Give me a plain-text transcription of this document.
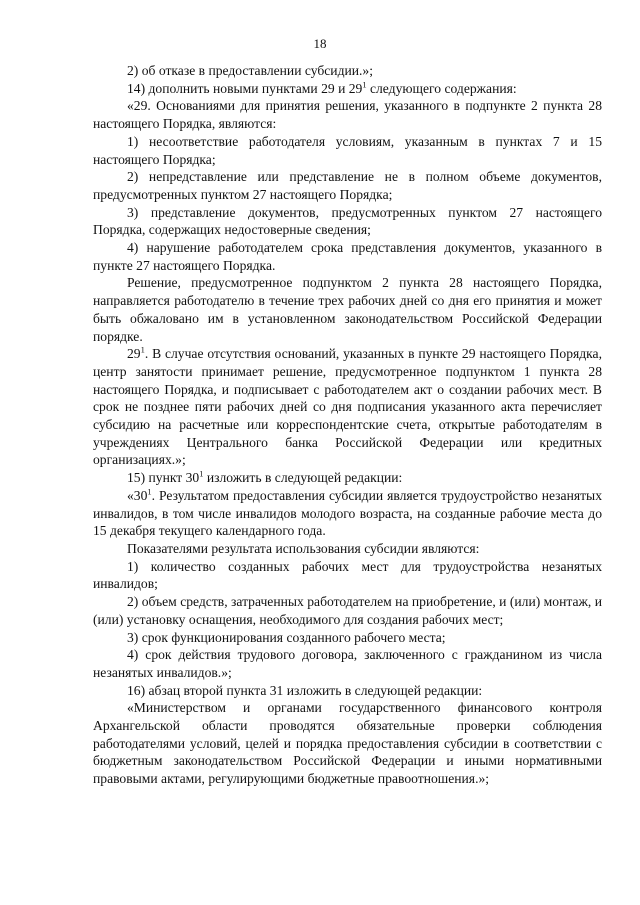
18

2) об отказе в предоставлении субсидии.»;

14) дополнить новыми пунктами 29 и $29^1$ следующего содержания:

«29. Основаниями для принятия решения, указанного в подпункте 2 пункта 28 настоящего Порядка, являются:

1) несоответствие работодателя условиям, указанным в пунктах 7 и 15 настоящего Порядка;

2) непредставление или представление не в полном объеме документов, предусмотренных пунктом 27 настоящего Порядка;

3) представление документов, предусмотренных пунктом 27 настоящего Порядка, содержащих недостоверные сведения;

4) нарушение работодателем срока представления документов, указанного в пункте 27 настоящего Порядка.

Решение, предусмотренное подпунктом 2 пункта 28 настоящего Порядка, направляется работодателю в течение трех рабочих дней со дня его принятия и может быть обжаловано им в установленном законодательством Российской Федерации порядке.

$29^1$. В случае отсутствия оснований, указанных в пункте 29 настоящего Порядка, центр занятости принимает решение, предусмотренное подпунктом 1 пункта 28 настоящего Порядка, и подписывает с работодателем акт о создании рабочих мест. В срок не позднее пяти рабочих дней со дня подписания указанного акта перечисляет субсидию на расчетные или корреспондентские счета, открытые работодателям в учреждениях Центрального банка Российской Федерации или кредитных организациях.»;

15) пункт $30^1$ изложить в следующей редакции:

«$30^1$. Результатом предоставления субсидии является трудоустройство незанятых инвалидов, в том числе инвалидов молодого возраста, на созданные рабочие места до 15 декабря текущего календарного года.

Показателями результата использования субсидии являются:

1) количество созданных рабочих мест для трудоустройства незанятых инвалидов;

2) объем средств, затраченных работодателем на приобретение, и (или) монтаж, и (или) установку оснащения, необходимого для создания рабочих мест;

3) срок функционирования созданного рабочего места;

4) срок действия трудового договора, заключенного с гражданином из числа незанятых инвалидов.»;

16) абзац второй пункта 31 изложить в следующей редакции:

«Министерством и органами государственного финансового контроля Архангельской области проводятся обязательные проверки соблюдения работодателями условий, целей и порядка предоставления субсидии в соответствии с бюджетным законодательством Российской Федерации и иными нормативными правовыми актами, регулирующими бюджетные правоотношения.»;
